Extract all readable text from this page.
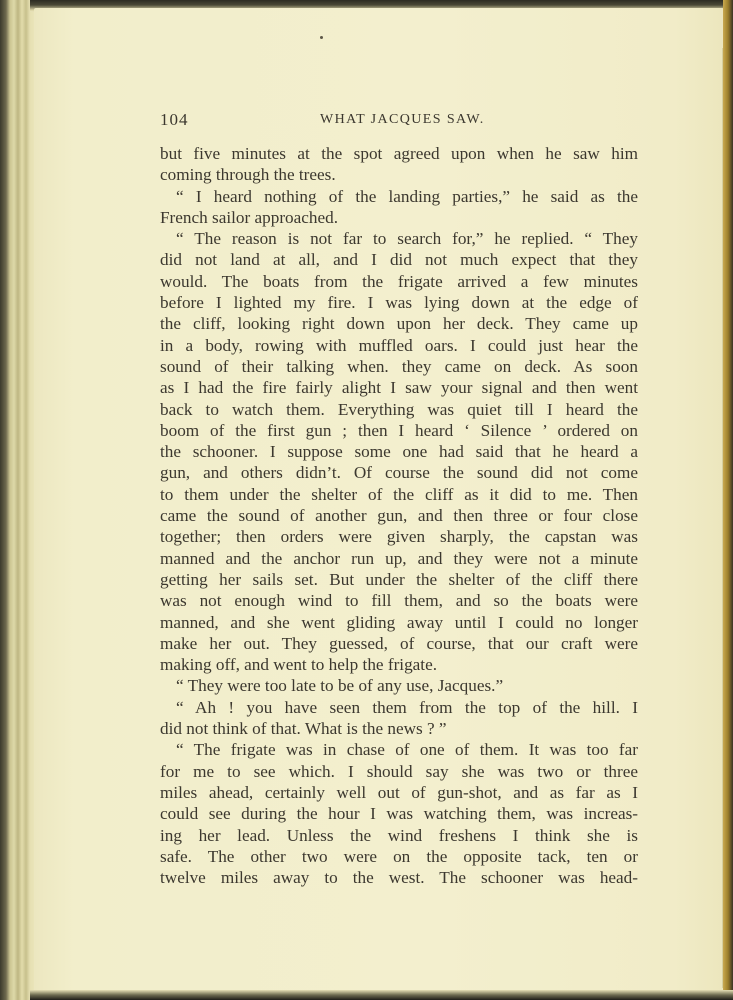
104	WHAT JACQUES SAW.
but five minutes at the spot agreed upon when he saw him
coming through the trees.
“ I heard nothing of the landing parties,” he said as the
French sailor approached.
“ The reason is not far to search for,” he replied. “ They
did not land at all, and I did not much expect that they
would. The boats from the frigate arrived a few minutes
before I lighted my fire. I was lying down at the edge of
the cliff, looking right down upon her deck. They came up
in a body, rowing with muffled oars. I could just hear the
sound of their talking when. they came on deck. As soon
as I had the fire fairly alight I saw your signal and then went
back to watch them. Everything was quiet till I heard the
boom of the first gun ; then I heard ‘ Silence ’ ordered on
the schooner. I suppose some one had said that he heard a
gun, and others didn’t. Of course the sound did not come
to them under the shelter of the cliff as it did to me. Then
came the sound of another gun, and then three or four close
together; then orders were given sharply, the capstan was
manned and the anchor run up, and they were not a minute
getting her sails set. But under the shelter of the cliff there
was not enough wind to fill them, and so the boats were
manned, and she went gliding away until I could no longer
make her out. They guessed, of course, that our craft were
making off, and went to help the frigate.
“ They were too late to be of any use, Jacques.”
“ Ah ! you have seen them from the top of the hill. I
did not think of that. What is the news ? ”
“ The frigate was in chase of one of them. It was too far
for me to see which. I should say she was two or three
miles ahead, certainly well out of gun-shot, and as far as I
could see during the hour I was watching them, was increas-
ing her lead. Unless the wind freshens I think she is
safe. The other two were on the opposite tack, ten or
twelve miles away to the west. The schooner was head-
